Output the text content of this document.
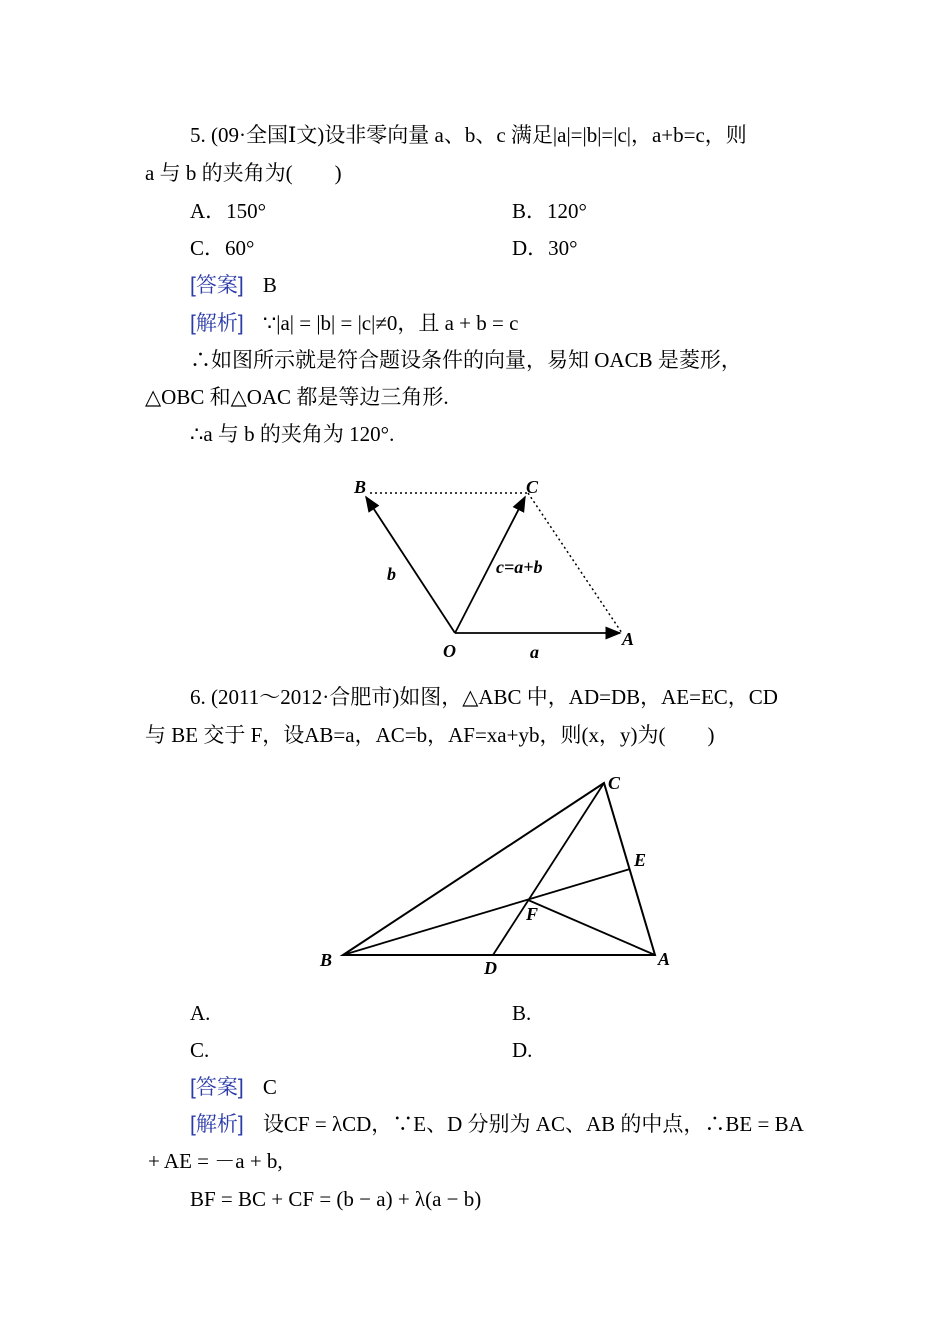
5. (09·全国Ⅰ文)设非零向量 a、b、c 满足|a|=|b|=|c|，a+b=c，则
a 与 b 的夹角为(　　)
A．150°	B．120°
C．60°	D．30°
[答案] B
[解析] ∵|a| = |b| = |c|≠0，且 a + b = c
∴如图所示就是符合题设条件的向量，易知 OACB 是菱形，
△OBC 和△OAC 都是等边三角形.
∴a 与 b 的夹角为 120°.
B	C
O
A
b	c=a+b
a
6. (2011～2012·合肥市)如图，△ABC 中，AD=DB，AE=EC，CD
与 BE 交于 F，设AB=a，AC=b，AF=xa+yb，则(x，y)为(　　)
C
E
F
B	D	A
A.	B.
C.	D.
[答案] C
[解析] 设CF = λCD，∵E、D 分别为 AC、AB 的中点，∴BE = BA
+ AE = －a + b,
BF = BC + CF = (b − a) + λ(a − b)
